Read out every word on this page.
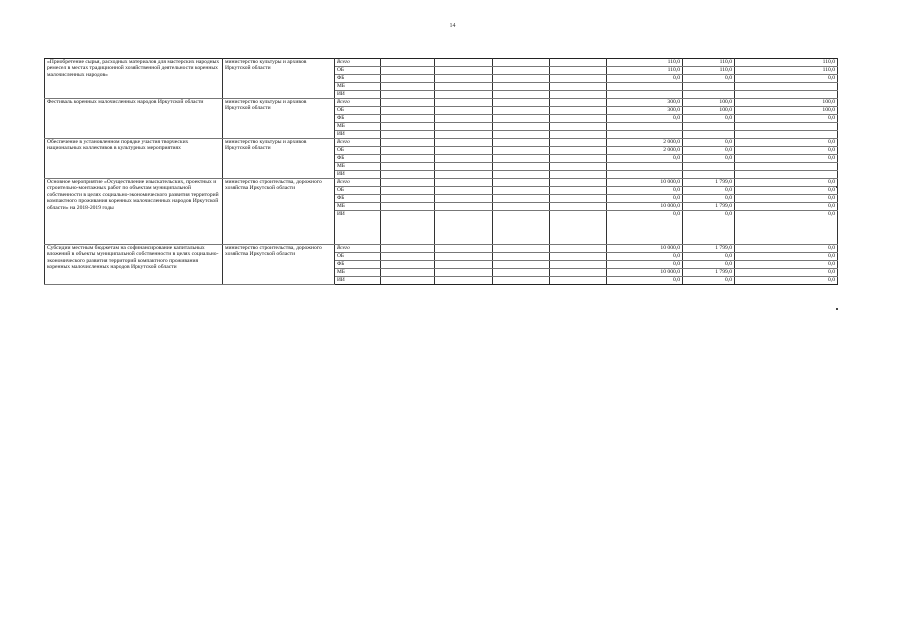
14
«Приобретение сырья, расходных материалов для мастерских народных ремесел в местах традиционной хозяйственной деятельности коренных малочисленных народов»	министерство культуры и архивов Иркутской области	Всего					110,0	110,0	110,0
		ОБ					110,0	110,0	110,0
		ФБ					0,0	0,0	0,0
		МБ							
		ИИ							
Фестиваль коренных малочисленных народов Иркутской области	министерство культуры и архивов Иркутской области	Всего					300,0	100,0	100,0
		ОБ					300,0	100,0	100,0
		ФБ					0,0	0,0	0,0
		МБ							
		ИИ							
Обеспечение в установленном порядке участия творческих национальных коллективов в культурных мероприятиях	министерство культуры и архивов Иркутской области	Всего					2 000,0	0,0	0,0
		ОБ					2 000,0	0,0	0,0
		ФБ					0,0	0,0	0,0
		МБ							
		ИИ							
Основное мероприятие «Осуществление изыскательских, проектных и строительно-монтажных работ по объектам муниципальной собственности в целях социально-экономического развития территорий компактного проживания коренных малочисленных народов Иркутской области» на 2018-2019 годы	министерство строительства, дорожного хозяйства Иркутской области	Всего					10 000,0	1 799,0	0,0
		ОБ					0,0	0,0	0,0
		ФБ					0,0	0,0	0,0
		МБ					10 000,0	1 799,0	0,0
		ИИ					0,0	0,0	0,0
Субсидии местным бюджетам на софинансирование капитальных вложений в объекты муниципальной собственности в целях социально-экономического развития территорий компактного проживания коренных малочисленных народов Иркутской области	министерство строительства, дорожного хозяйства Иркутской области	Всего					10 000,0	1 799,0	0,0
		ОБ					0,0	0,0	0,0
		ФБ					0,0	0,0	0,0
		МБ					10 000,0	1 799,0	0,0
		ИИ					0,0	0,0	0,0
